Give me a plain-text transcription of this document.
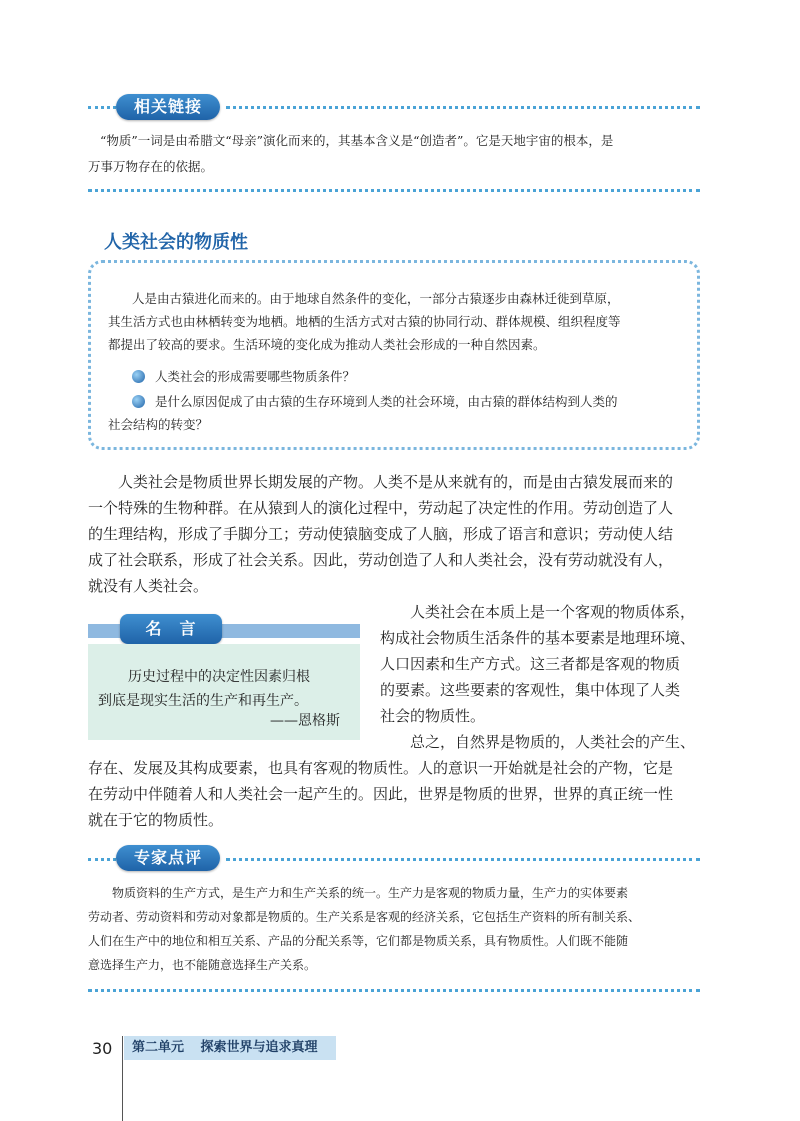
相关链接
“物质”一词是由希腊文“母亲”演化而来的，其基本含义是“创造者”。它是天地宇宙的根本，是
万事万物存在的依据。
人类社会的物质性
人是由古猿进化而来的。由于地球自然条件的变化，一部分古猿逐步由森林迁徙到草原，
其生活方式也由林栖转变为地栖。地栖的生活方式对古猿的协同行动、群体规模、组织程度等
都提出了较高的要求。生活环境的变化成为推动人类社会形成的一种自然因素。
人类社会的形成需要哪些物质条件？
是什么原因促成了由古猿的生存环境到人类的社会环境，由古猿的群体结构到人类的
社会结构的转变？
人类社会是物质世界长期发展的产物。人类不是从来就有的，而是由古猿发展而来的
一个特殊的生物种群。在从猿到人的演化过程中，劳动起了决定性的作用。劳动创造了人
的生理结构，形成了手脚分工；劳动使猿脑变成了人脑，形成了语言和意识；劳动使人结
成了社会联系，形成了社会关系。因此，劳动创造了人和人类社会，没有劳动就没有人，
就没有人类社会。
名　言
历史过程中的决定性因素归根
到底是现实生活的生产和再生产。
——恩格斯
人类社会在本质上是一个客观的物质体系，
构成社会物质生活条件的基本要素是地理环境、
人口因素和生产方式。这三者都是客观的物质
的要素。这些要素的客观性，集中体现了人类
社会的物质性。
总之，自然界是物质的，人类社会的产生、
存在、发展及其构成要素，也具有客观的物质性。人的意识一开始就是社会的产物，它是
在劳动中伴随着人和人类社会一起产生的。因此，世界是物质的世界，世界的真正统一性
就在于它的物质性。
专家点评
物质资料的生产方式，是生产力和生产关系的统一。生产力是客观的物质力量，生产力的实体要素
劳动者、劳动资料和劳动对象都是物质的。生产关系是客观的经济关系，它包括生产资料的所有制关系、
人们在生产中的地位和相互关系、产品的分配关系等，它们都是物质关系，具有物质性。人们既不能随
意选择生产力，也不能随意选择生产关系。
30	第二单元 探索世界与追求真理
